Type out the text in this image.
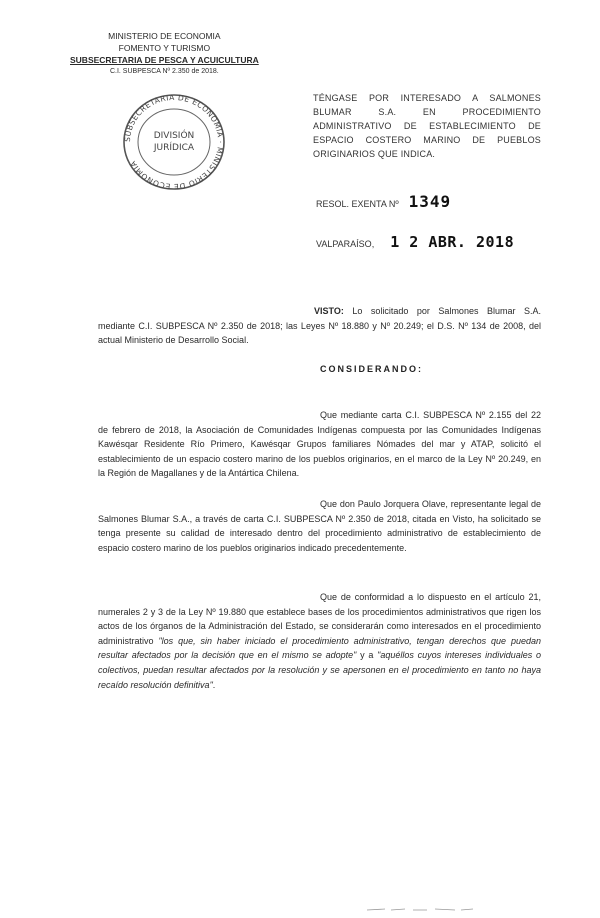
MINISTERIO DE ECONOMIA
FOMENTO Y TURISMO
SUBSECRETARIA DE PESCA Y ACUICULTURA
C.I. SUBPESCA Nº 2.350 de 2018.
SUBSECRETARIA DE ECONOMIA · MINISTERIO DE ECONOMIA
DIVISIÓN
JURÍDICA
TÉNGASE POR INTERESADO A SALMONES BLUMAR S.A. EN PROCEDIMIENTO ADMINISTRATIVO DE ESTABLECIMIENTO DE ESPACIO COSTERO MARINO DE PUEBLOS ORIGINARIOS QUE INDICA.
RESOL. EXENTA Nº 1349
VALPARAÍSO, 1 2 ABR. 2018
VISTO: Lo solicitado por Salmones Blumar S.A. mediante C.I. SUBPESCA Nº 2.350 de 2018; las Leyes Nº 18.880 y Nº 20.249; el D.S. Nº 134 de 2008, del actual Ministerio de Desarrollo Social.
CONSIDERANDO:
Que mediante carta C.I. SUBPESCA Nº 2.155 del 22 de febrero de 2018, la Asociación de Comunidades Indígenas compuesta por las Comunidades Indígenas Kawésqar Residente Río Primero, Kawésqar Grupos familiares Nómades del mar y ATAP, solicitó el establecimiento de un espacio costero marino de los pueblos originarios, en el marco de la Ley Nº 20.249, en la Región de Magallanes y de la Antártica Chilena.
Que don Paulo Jorquera Olave, representante legal de Salmones Blumar S.A., a través de carta C.I. SUBPESCA Nº 2.350 de 2018, citada en Visto, ha solicitado se tenga presente su calidad de interesado dentro del procedimiento administrativo de establecimiento de espacio costero marino de los pueblos originarios indicado precedentemente.
Que de conformidad a lo dispuesto en el artículo 21, numerales 2 y 3 de la Ley Nº 19.880 que establece bases de los procedimientos administrativos que rigen los actos de los órganos de la Administración del Estado, se considerarán como interesados en el procedimiento administrativo "los que, sin haber iniciado el procedimiento administrativo, tengan derechos que puedan resultar afectados por la decisión que en el mismo se adopte" y a "aquéllos cuyos intereses individuales o colectivos, puedan resultar afectados por la resolución y se apersonen en el procedimiento en tanto no haya recaído resolución definitiva".
